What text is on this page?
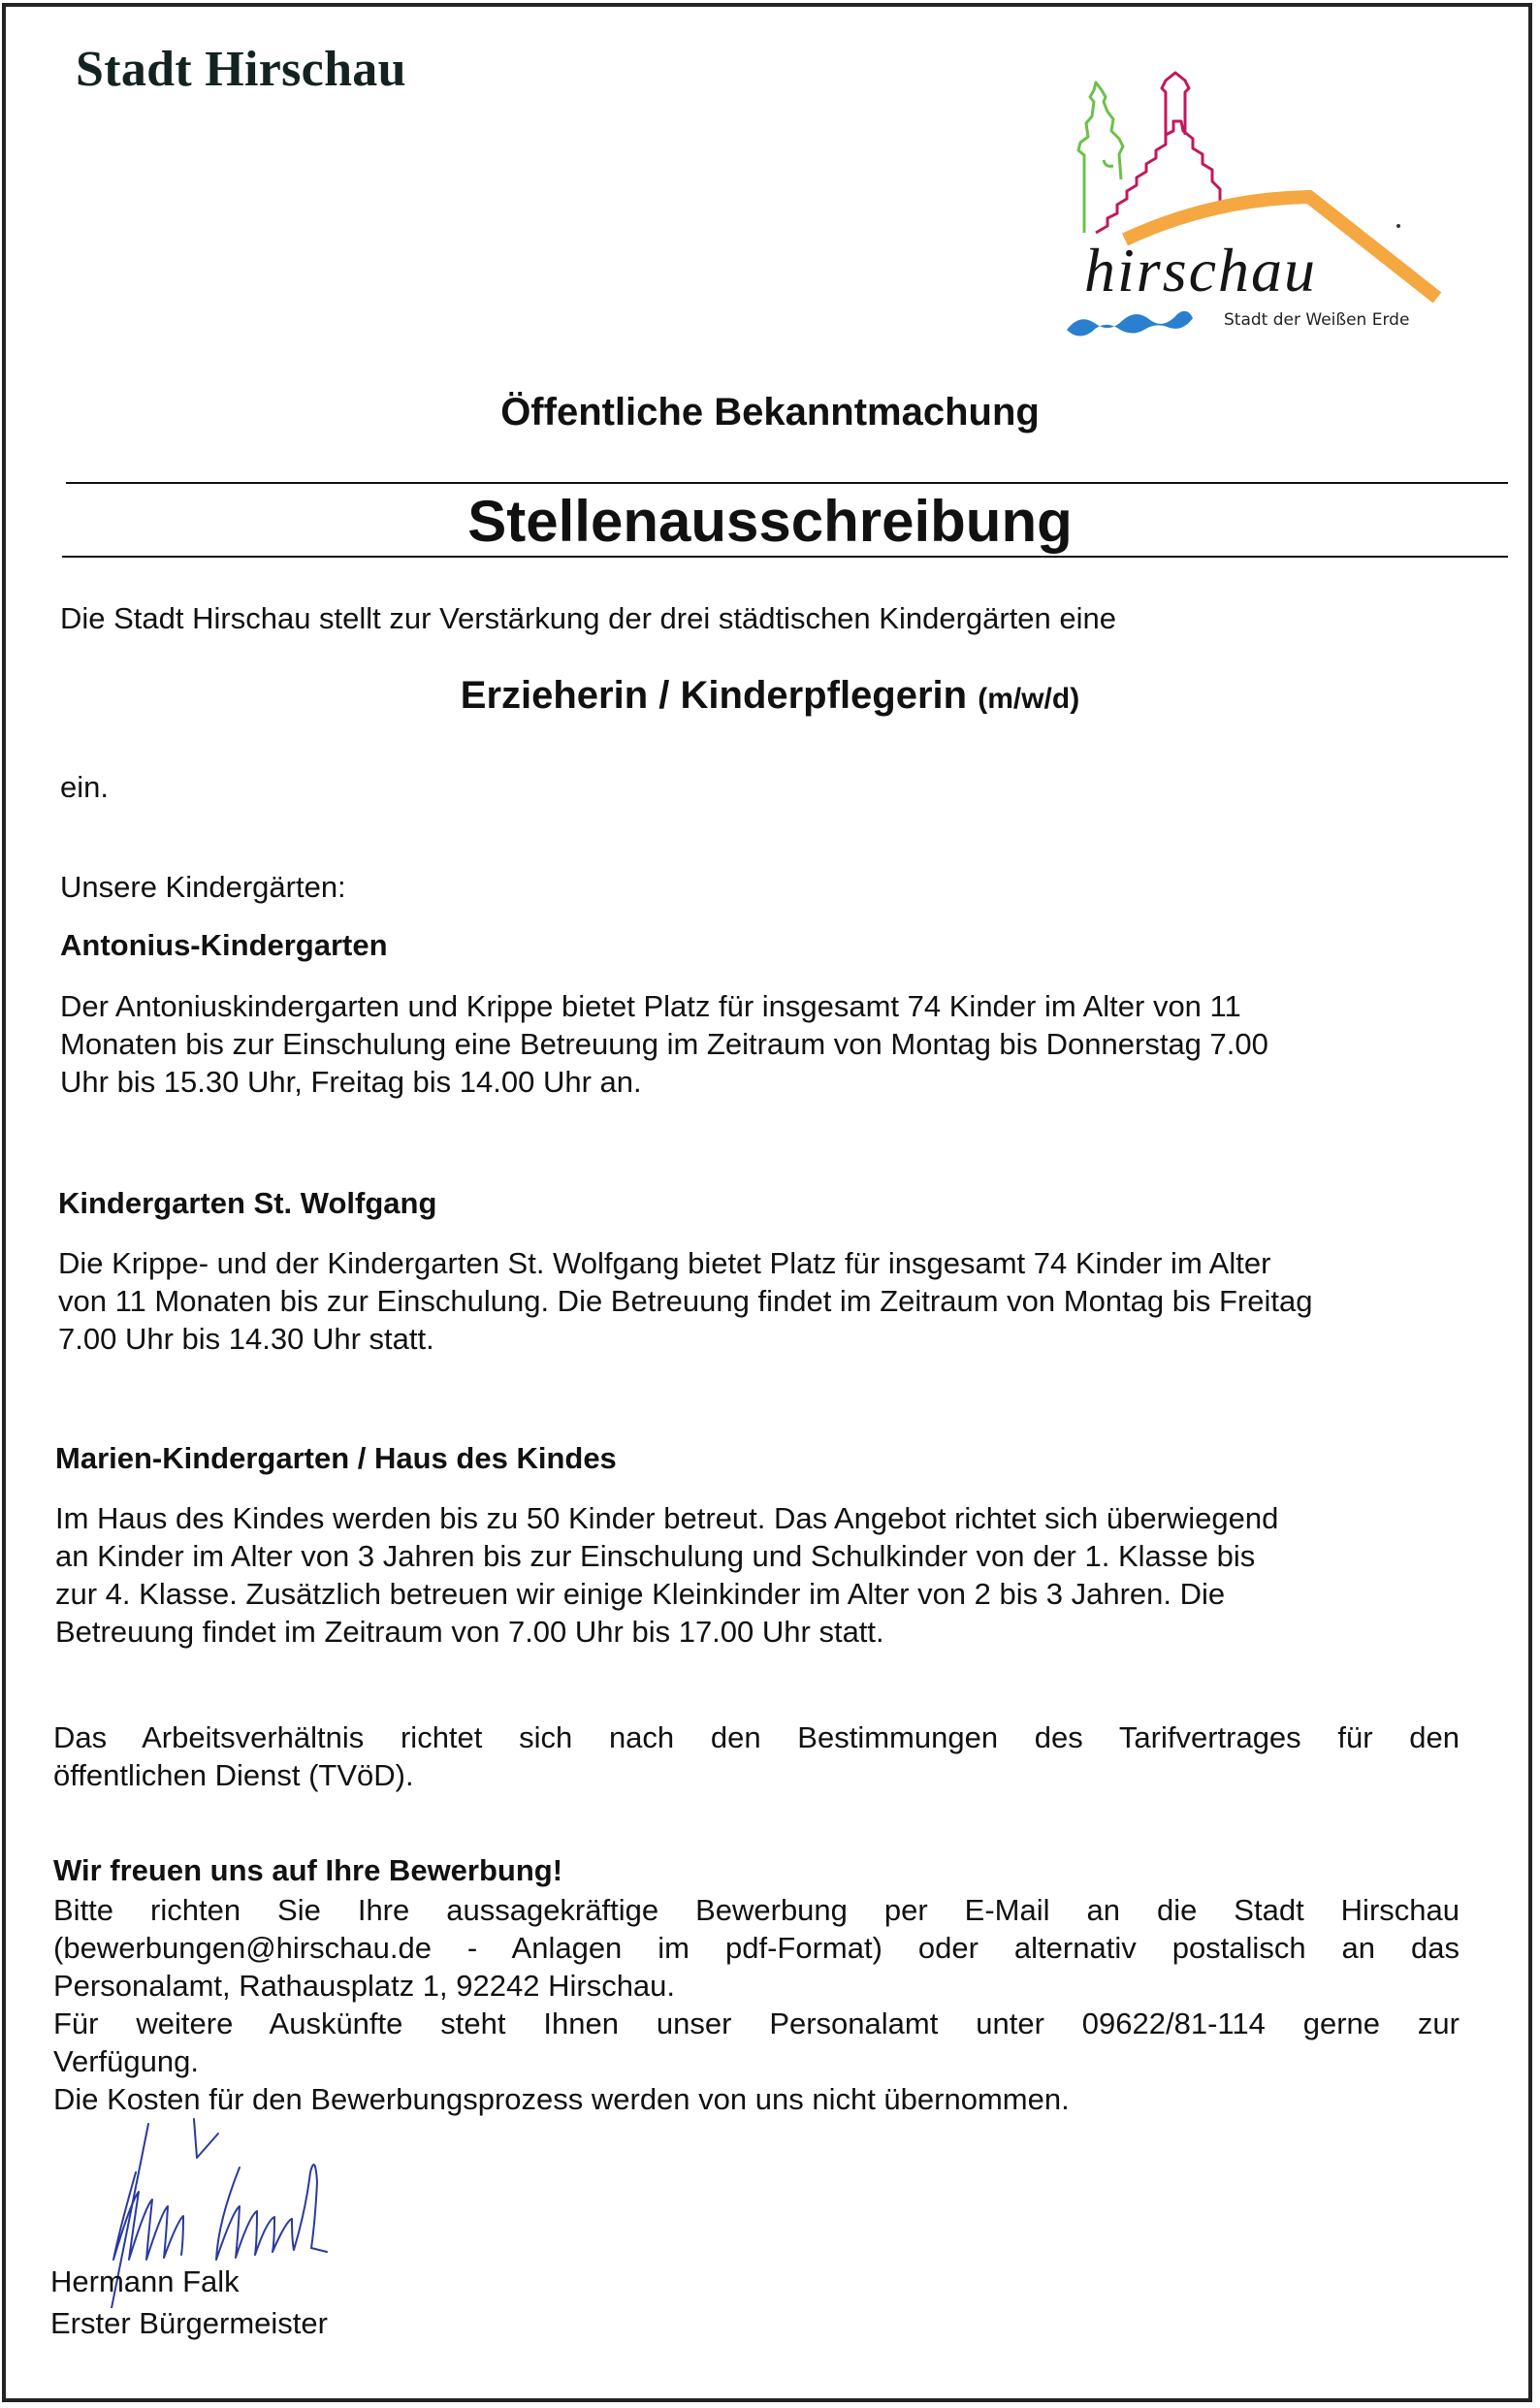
Stadt Hirschau
hirschau
Stadt der Weißen Erde
Öffentliche Bekanntmachung
Stellenausschreibung
Die Stadt Hirschau stellt zur Verstärkung der drei städtischen Kindergärten eine
Erzieherin / Kinderpflegerin (m/w/d)
ein.
Unsere Kindergärten:
Antonius-Kindergarten
Der Antoniuskindergarten und Krippe bietet Platz für insgesamt 74 Kinder im Alter von 11
Monaten bis zur Einschulung eine Betreuung im Zeitraum von Montag bis Donnerstag 7.00
Uhr bis 15.30 Uhr, Freitag bis 14.00 Uhr an.
Kindergarten St. Wolfgang
Die Krippe- und der Kindergarten St. Wolfgang bietet Platz für insgesamt 74 Kinder im Alter
von 11 Monaten bis zur Einschulung. Die Betreuung findet im Zeitraum von Montag bis Freitag
7.00 Uhr bis 14.30 Uhr statt.
Marien-Kindergarten / Haus des Kindes
Im Haus des Kindes werden bis zu 50 Kinder betreut. Das Angebot richtet sich überwiegend
an Kinder im Alter von 3 Jahren bis zur Einschulung und Schulkinder von der 1. Klasse bis
zur 4. Klasse. Zusätzlich betreuen wir einige Kleinkinder im Alter von 2 bis 3 Jahren. Die
Betreuung findet im Zeitraum von 7.00 Uhr bis 17.00 Uhr statt.
Das Arbeitsverhältnis richtet sich nach den Bestimmungen des Tarifvertrages für den
öffentlichen Dienst (TVöD).
Wir freuen uns auf Ihre Bewerbung!
Bitte richten Sie Ihre aussagekräftige Bewerbung per E-Mail an die Stadt Hirschau
(bewerbungen@hirschau.de - Anlagen im pdf-Format) oder alternativ postalisch an das
Personalamt, Rathausplatz 1, 92242 Hirschau.
Für weitere Auskünfte steht Ihnen unser Personalamt unter 09622/81-114 gerne zur
Verfügung.
Die Kosten für den Bewerbungsprozess werden von uns nicht übernommen.
Hermann Falk
Erster Bürgermeister
